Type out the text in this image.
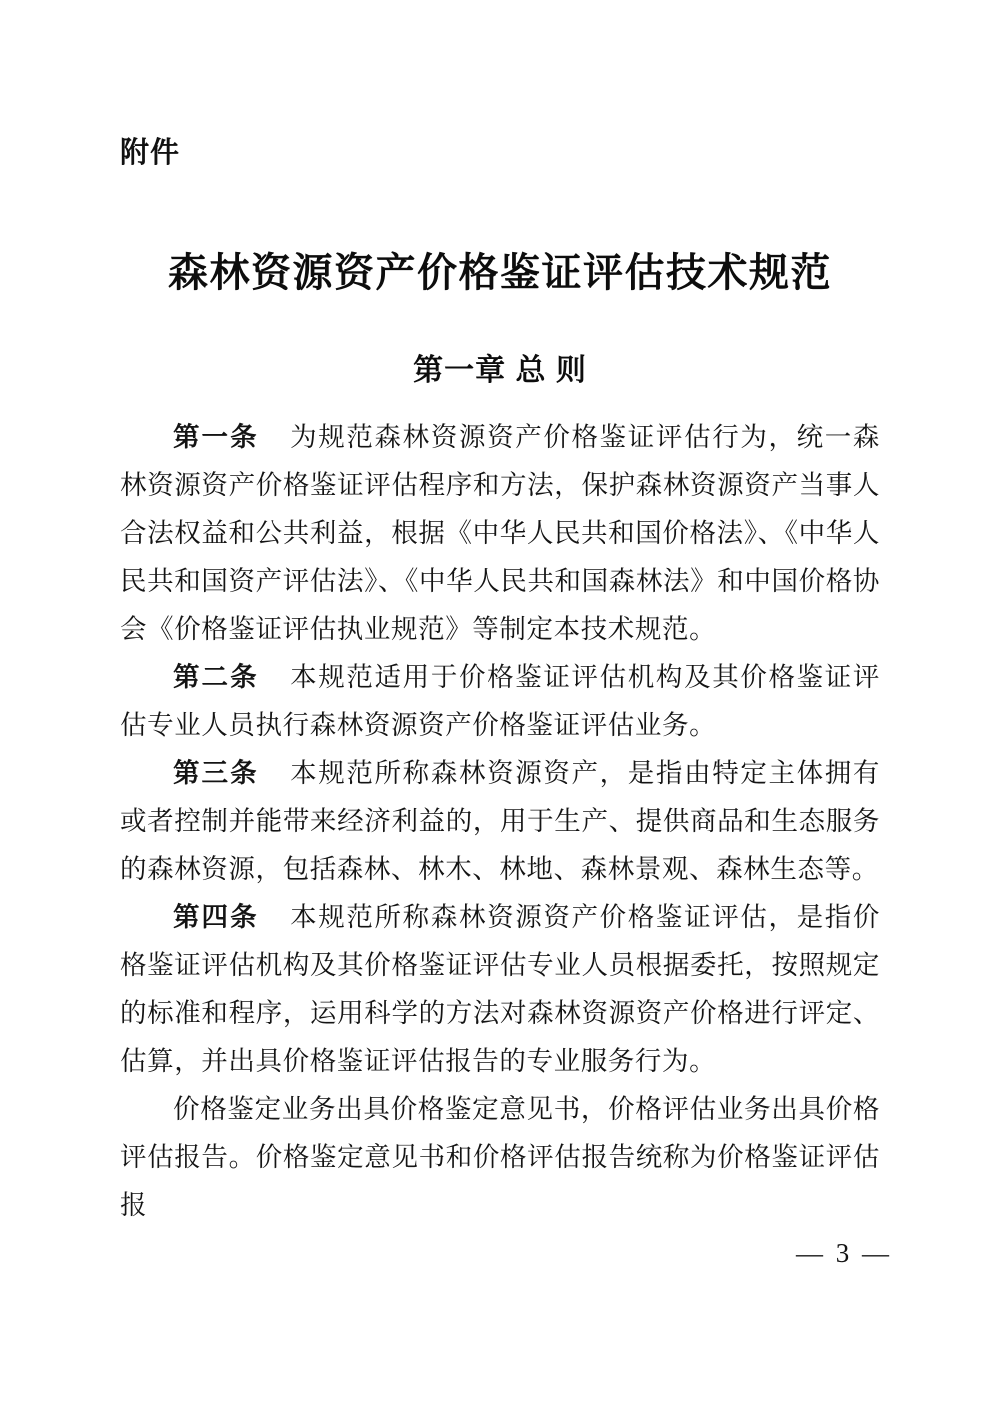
附件
森林资源资产价格鉴证评估技术规范
第一章 总 则

第一条 为规范森林资源资产价格鉴证评估行为，统一森林资源资产价格鉴证评估程序和方法，保护森林资源资产当事人合法权益和公共利益，根据《中华人民共和国价格法》、《中华人民共和国资产评估法》、《中华人民共和国森林法》和中国价格协会《价格鉴证评估执业规范》等制定本技术规范。

第二条 本规范适用于价格鉴证评估机构及其价格鉴证评估专业人员执行森林资源资产价格鉴证评估业务。

第三条 本规范所称森林资源资产，是指由特定主体拥有或者控制并能带来经济利益的，用于生产、提供商品和生态服务的森林资源，包括森林、林木、林地、森林景观、森林生态等。

第四条 本规范所称森林资源资产价格鉴证评估，是指价格鉴证评估机构及其价格鉴证评估专业人员根据委托，按照规定的标准和程序，运用科学的方法对森林资源资产价格进行评定、估算，并出具价格鉴证评估报告的专业服务行为。

价格鉴定业务出具价格鉴定意见书，价格评估业务出具价格评估报告。价格鉴定意见书和价格评估报告统称为价格鉴证评估报

— 3 —
